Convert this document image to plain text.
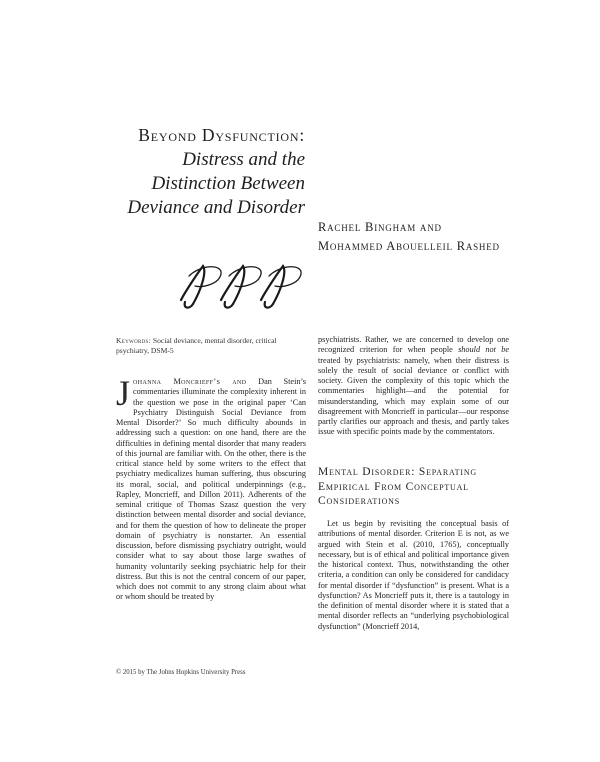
Beyond Dysfunction:
Distress and the
Distinction Between
Deviance and Disorder
Rachel Bingham and
Mohammed Abouelleil Rashed
Keywords: Social deviance, mental disorder, critical psychiatry, DSM-5

Johanna Moncrieff’s and Dan Stein’s commentaries illuminate the complexity inherent in the question we pose in the original paper ‘Can Psychiatry Distinguish Social Deviance from Mental Disorder?’ So much difficulty abounds in addressing such a question: on one hand, there are the difficulties in defining mental disorder that many readers of this journal are familiar with. On the other, there is the critical stance held by some writers to the effect that psychiatry medicalizes human suffering, thus obscuring its moral, social, and political underpinnings (e.g., Rapley, Moncrieff, and Dillon 2011). Adherents of the seminal critique of Thomas Szasz question the very distinction between mental disorder and social deviance, and for them the question of how to delineate the proper domain of psychiatry is nonstarter. An essential discussion, before dismissing psychiatry outright, would consider what to say about those large swathes of humanity voluntarily seeking psychiatric help for their distress. But this is not the central concern of our paper, which does not commit to any strong claim about what or whom should be treated by

psychiatrists. Rather, we are concerned to develop one recognized criterion for when people should not be treated by psychiatrists: namely, when their distress is solely the result of social deviance or conflict with society. Given the complexity of this topic which the commentaries highlight—and the potential for misunderstanding, which may explain some of our disagreement with Moncrieff in particular—our response partly clarifies our approach and thesis, and partly takes issue with specific points made by the commentators.

Mental Disorder: Separating Empirical From Conceptual Considerations

Let us begin by revisiting the conceptual basis of attributions of mental disorder. Criterion E is not, as we argued with Stein et al. (2010, 1765), conceptually necessary, but is of ethical and political importance given the historical context. Thus, notwithstanding the other criteria, a condition can only be considered for candidacy for mental disorder if “dysfunction” is present. What is a dysfunction? As Moncrieff puts it, there is a tautology in the definition of mental disorder where it is stated that a mental disorder reflects an “underlying psychobiological dysfunction” (Moncrieff 2014,

© 2015 by The Johns Hopkins University Press
